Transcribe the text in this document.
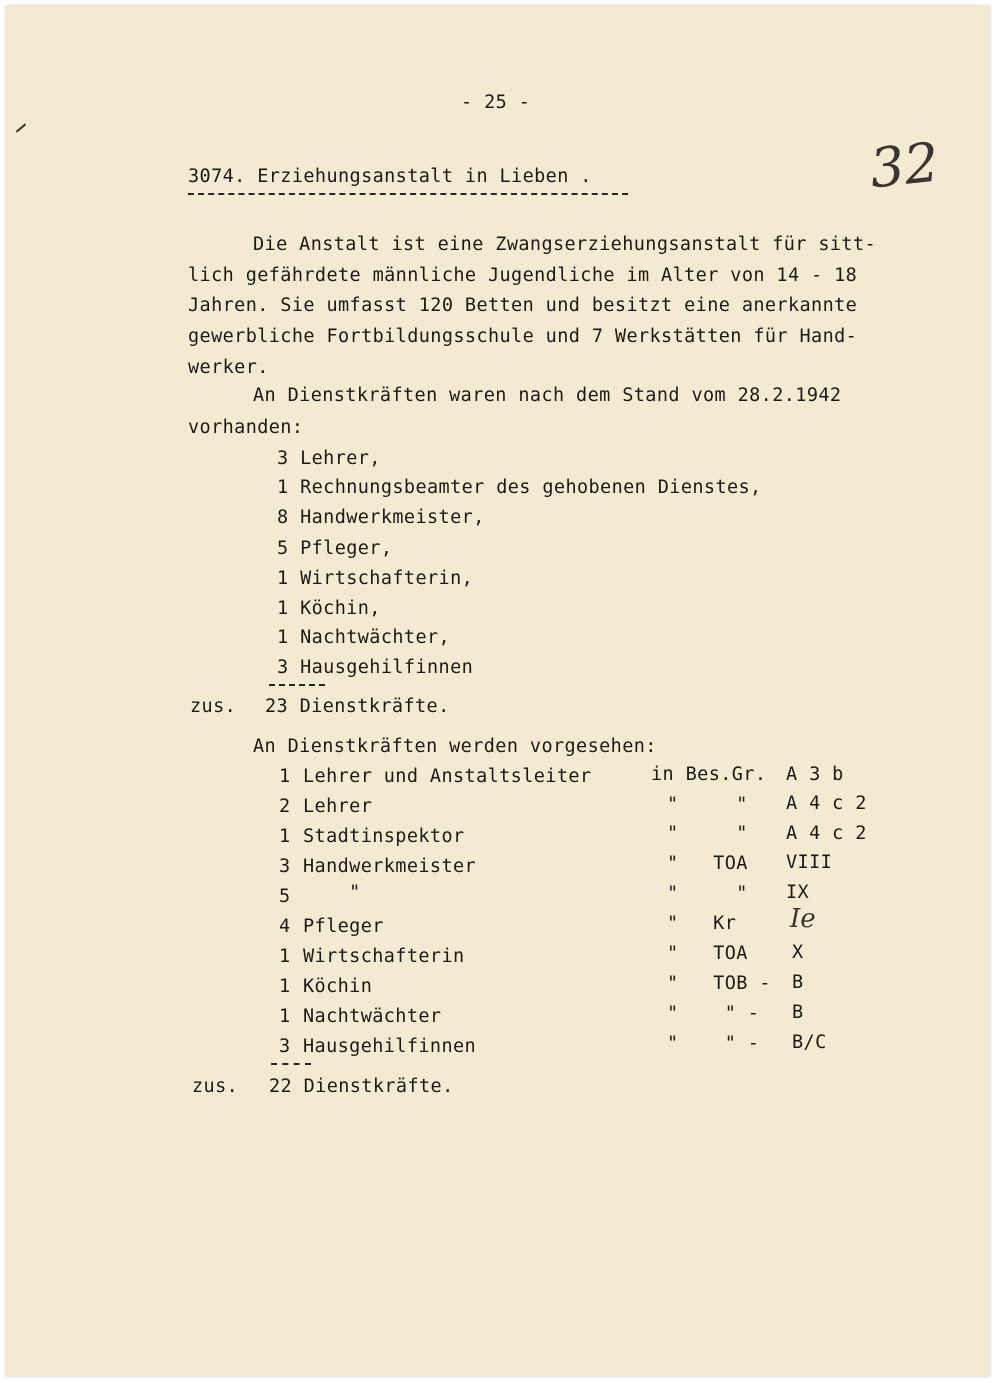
- 25 -
32
3074. Erziehungsanstalt in Lieben .
Die Anstalt ist eine Zwangserziehungsanstalt für sitt-
lich gefährdete männliche Jugendliche im Alter von 14 - 18
Jahren. Sie umfasst 120 Betten und besitzt eine anerkannte
gewerbliche Fortbildungsschule und 7 Werkstätten für Hand-
werker.
An Dienstkräften waren nach dem Stand vom 28.2.1942
vorhanden:
3 Lehrer,
1 Rechnungsbeamter des gehobenen Dienstes,
8 Handwerkmeister,
5 Pfleger,
1 Wirtschafterin,
1 Köchin,
1 Nachtwächter,
3 Hausgehilfinnen
zus. 23 Dienstkräfte.
An Dienstkräften werden vorgesehen:
1 Lehrer und Anstaltsleiter	in Bes.Gr. A 3 b
2 Lehrer	"     " A 4 c 2
1 Stadtinspektor	"     " A 4 c 2
3 Handwerkmeister	"   TOA VIII
5 "	"     " IX
4 Pfleger	"   Kr Ie
1 Wirtschafterin	"   TOA X
1 Köchin	"   TOB - B
1 Nachtwächter	"    " - B
3 Hausgehilfinnen	"    " - B/C
zus. 22 Dienstkräfte.
